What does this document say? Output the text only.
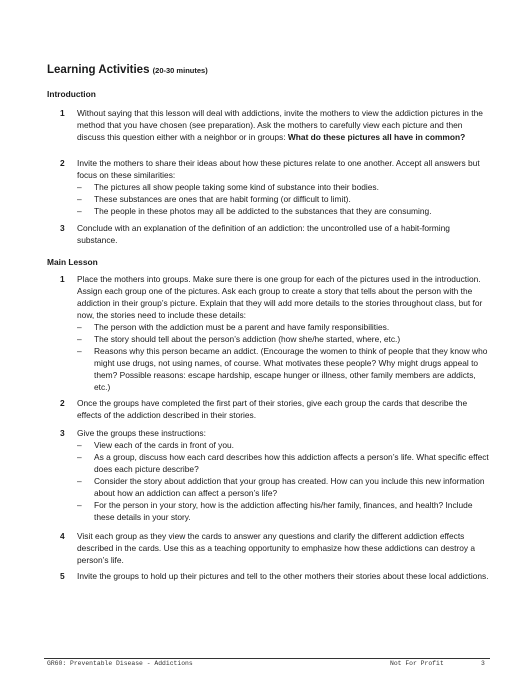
Learning Activities (20-30 minutes)
Introduction
1	Without saying that this lesson will deal with addictions, invite the mothers to view the addiction pictures in the method that you have chosen (see preparation). Ask the mothers to carefully view each picture and then discuss this question either with a neighbor or in groups: What do these pictures all have in common?

2	Invite the mothers to share their ideas about how these pictures relate to one another. Accept all answers but focus on these similarities:

– The pictures all show people taking some kind of substance into their bodies.
– These substances are ones that are habit forming (or difficult to limit).
– The people in these photos may all be addicted to the substances that they are consuming.
3	Conclude with an explanation of the definition of an addiction: the uncontrolled use of a habit-forming substance.

Main Lesson
1	Place the mothers into groups. Make sure there is one group for each of the pictures used in the introduction. Assign each group one of the pictures. Ask each group to create a story that tells about the person with the addiction in their group’s picture. Explain that they will add more details to the stories throughout class, but for now, the stories need to include these details:

– The person with the addiction must be a parent and have family responsibilities.
– The story should tell about the person’s addiction (how she/he started, where, etc.)
– Reasons why this person became an addict. (Encourage the women to think of people that they know who might use drugs, not using names, of course. What motivates these people? Why might drugs appeal to them? Possible reasons: escape hardship, escape hunger or illness, other family members are addicts, etc.)
2	Once the groups have completed the first part of their stories, give each group the cards that describe the effects of the addiction described in their stories.

3	Give the groups these instructions:

– View each of the cards in front of you.
– As a group, discuss how each card describes how this addiction affects a person’s life. What specific effect does each picture describe?
– Consider the story about addiction that your group has created. How can you include this new information about how an addiction can affect a person’s life?
– For the person in your story, how is the addiction affecting his/her family, finances, and health? Include these details in your story.
4	Visit each group as they view the cards to answer any questions and clarify the different addiction effects described in the cards. Use this as a teaching opportunity to emphasize how these addictions can destroy a person’s life.

5	Invite the groups to hold up their pictures and tell to the other mothers their stories about these local addictions.

GR60: Preventable Disease - Addictions	Not For Profit	3
